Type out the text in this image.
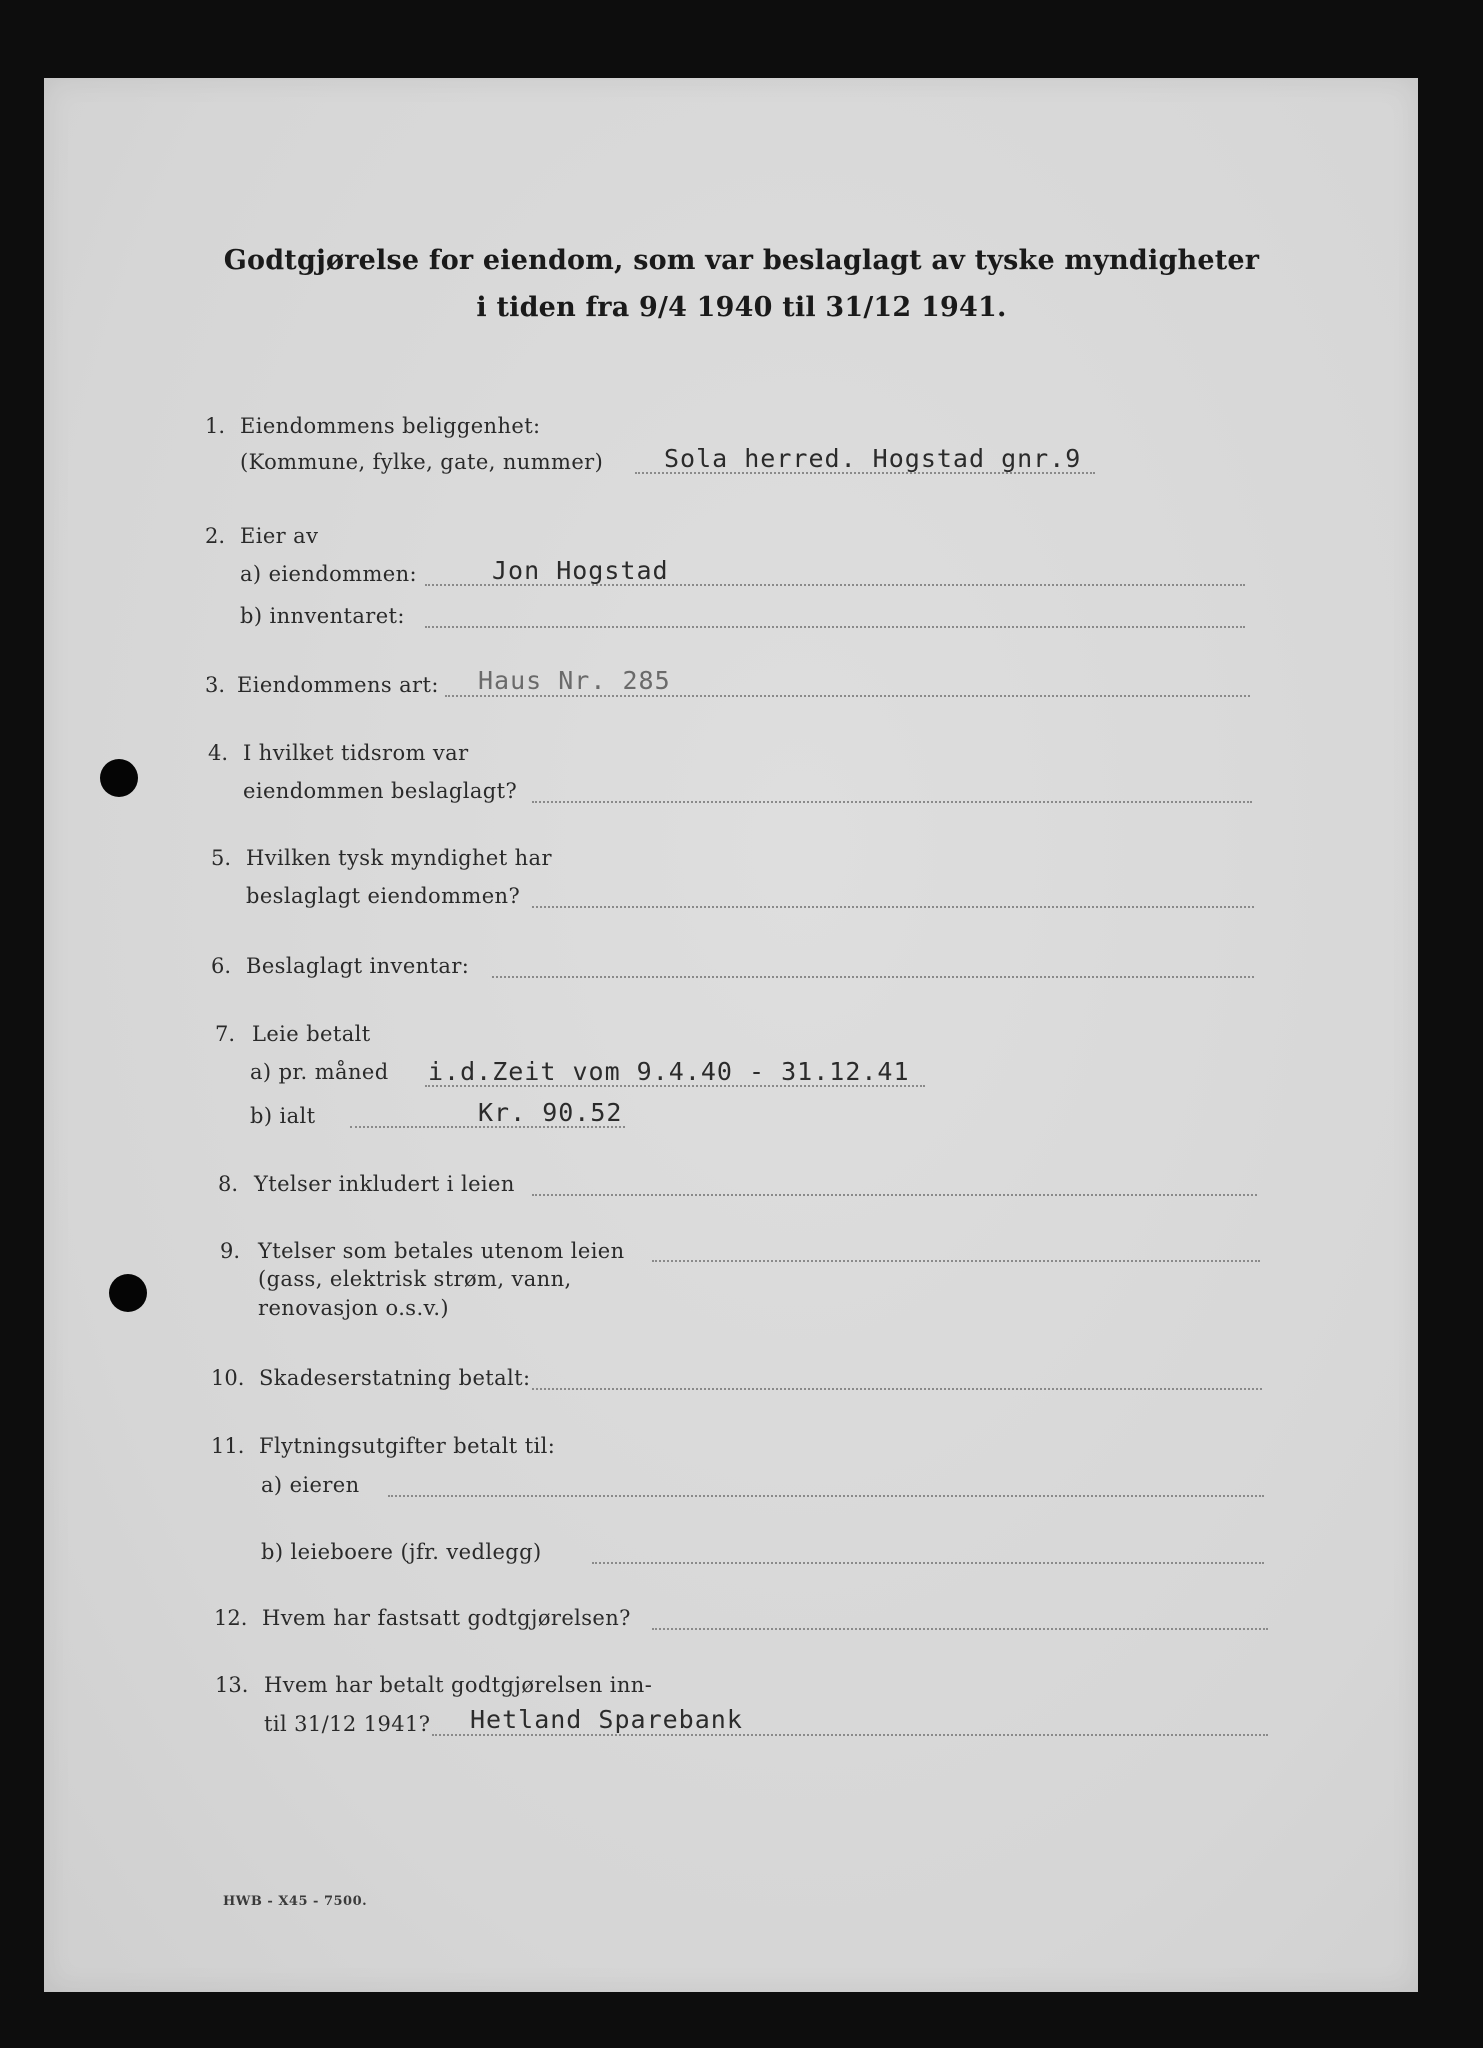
Godtgjørelse for eiendom, som var beslaglagt av tyske myndigheter
i tiden fra 9/4 1940 til 31/12 1941.
1. Eiendommens beliggenhet:
(Kommune, fylke, gate, nummer) Sola herred. Hogstad gnr.9
2. Eier av
a) eiendommen:	Jon Hogstad
b) innventaret:
3. Eiendommens art: Haus Nr. 285
4. I hvilket tidsrom var
eiendommen beslaglagt?
5. Hvilken tysk myndighet har
beslaglagt eiendommen?
6. Beslaglagt inventar:
7. Leie betalt
a) pr. måned i.d.Zeit vom 9.4.40 - 31.12.41
b) ialt	Kr. 90.52
8. Ytelser inkludert i leien
9. Ytelser som betales utenom leien
(gass, elektrisk strøm, vann,
renovasjon o.s.v.)
10. Skadeserstatning betalt:
11. Flytningsutgifter betalt til:
a) eieren
b) leieboere (jfr. vedlegg)
12. Hvem har fastsatt godtgjørelsen?
13. Hvem har betalt godtgjørelsen inn-
til 31/12 1941? Hetland Sparebank
HWB - X45 - 7500.
